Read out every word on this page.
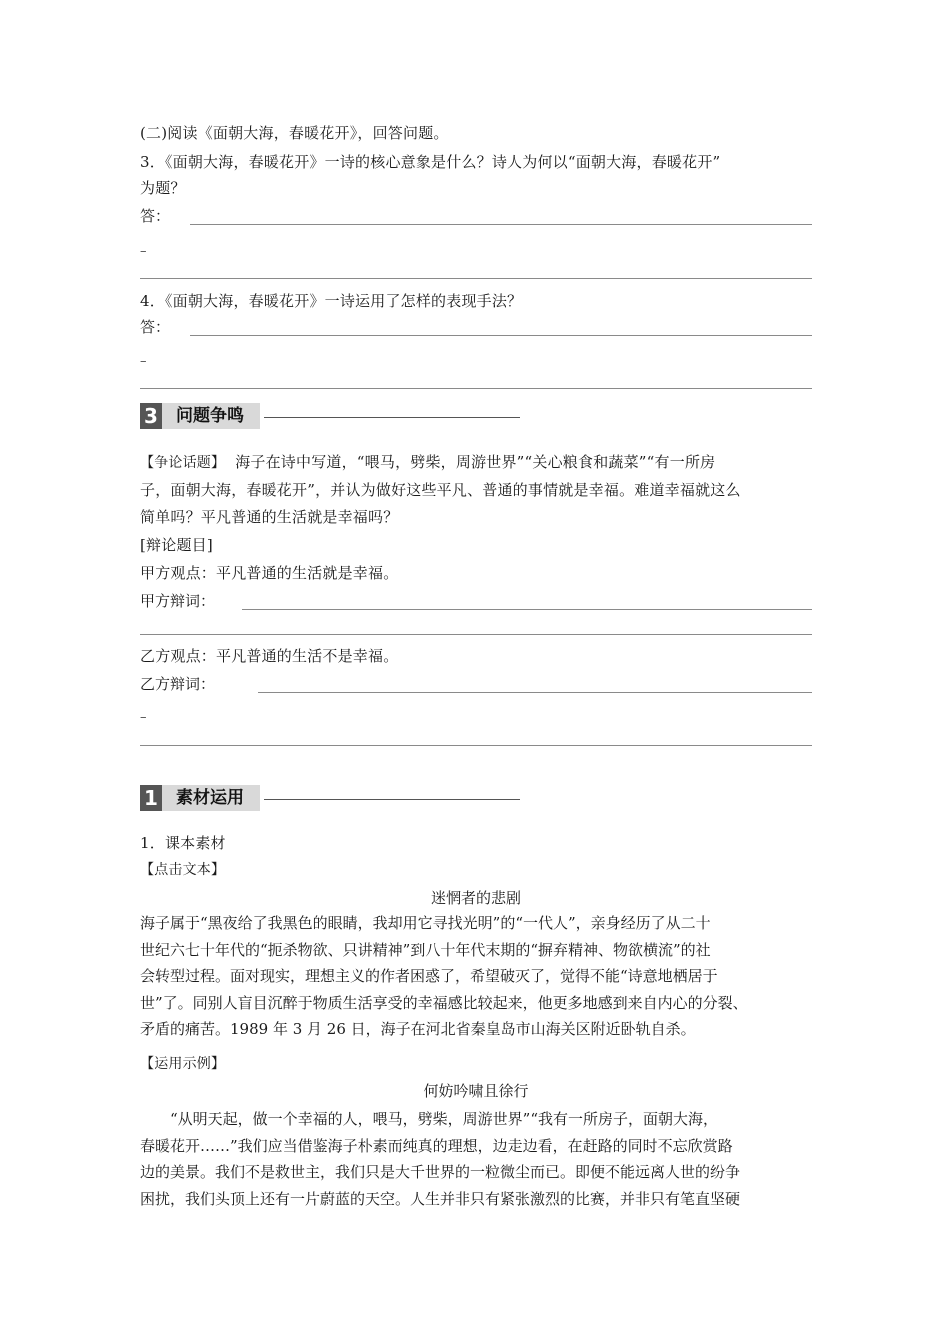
(二)阅读《面朝大海，春暖花开》，回答问题。
3．《面朝大海，春暖花开》一诗的核心意象是什么？诗人为何以“面朝大海，春暖花开”
为题？
答：
–
4．《面朝大海，春暖花开》一诗运用了怎样的表现手法？
答：
–
3 问题争鸣
【争论话题】 海子在诗中写道，“喂马，劈柴，周游世界”“关心粮食和蔬菜”“有一所房
子，面朝大海，春暖花开”，并认为做好这些平凡、普通的事情就是幸福。难道幸福就这么
简单吗？平凡普通的生活就是幸福吗？
[辩论题目]
甲方观点：平凡普通的生活就是幸福。
甲方辩词：
乙方观点：平凡普通的生活不是幸福。
乙方辩词：
–
1 素材运用
1．课本素材
【点击文本】
迷惘者的悲剧
海子属于“黑夜给了我黑色的眼睛，我却用它寻找光明”的“一代人”，亲身经历了从二十
世纪六七十年代的“扼杀物欲、只讲精神”到八十年代末期的“摒弃精神、物欲横流”的社
会转型过程。面对现实，理想主义的作者困惑了，希望破灭了，觉得不能“诗意地栖居于
世”了。同别人盲目沉醉于物质生活享受的幸福感比较起来，他更多地感到来自内心的分裂、
矛盾的痛苦。1989 年 3 月 26 日，海子在河北省秦皇岛市山海关区附近卧轨自杀。
【运用示例】
何妨吟啸且徐行
　　“从明天起，做一个幸福的人，喂马，劈柴，周游世界”“我有一所房子，面朝大海，
春暖花开……”我们应当借鉴海子朴素而纯真的理想，边走边看，在赶路的同时不忘欣赏路
边的美景。我们不是救世主，我们只是大千世界的一粒微尘而已。即便不能远离人世的纷争
困扰，我们头顶上还有一片蔚蓝的天空。人生并非只有紧张激烈的比赛，并非只有笔直坚硬
